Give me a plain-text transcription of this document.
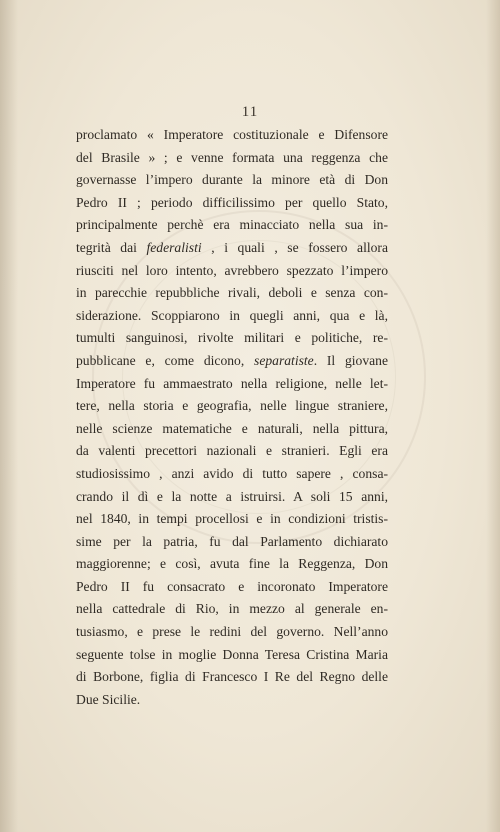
11
proclamato « Imperatore costituzionale e Difensore
del Brasile » ; e venne formata una reggenza che
governasse l’impero durante la minore età di Don
Pedro II ; periodo difficilissimo per quello Stato,
principalmente perchè era minacciato nella sua in-
tegrità dai federalisti , i quali , se fossero allora
riusciti nel loro intento, avrebbero spezzato l’impero
in parecchie repubbliche rivali, deboli e senza con-
siderazione. Scoppiarono in quegli anni, qua e là,
tumulti sanguinosi, rivolte militari e politiche, re-
pubblicane e, come dicono, separatiste. Il giovane
Imperatore fu ammaestrato nella religione, nelle let-
tere, nella storia e geografia, nelle lingue straniere,
nelle scienze matematiche e naturali, nella pittura,
da valenti precettori nazionali e stranieri. Egli era
studiosissimo , anzi avido di tutto sapere , consa-
crando il dì e la notte a istruirsi. A soli 15 anni,
nel 1840, in tempi procellosi e in condizioni tristis-
sime per la patria, fu dal Parlamento dichiarato
maggiorenne; e così, avuta fine la Reggenza, Don
Pedro II fu consacrato e incoronato Imperatore
nella cattedrale di Rio, in mezzo al generale en-
tusiasmo, e prese le redini del governo. Nell’anno
seguente tolse in moglie Donna Teresa Cristina Maria
di Borbone, figlia di Francesco I Re del Regno delle
Due Sicilie.
